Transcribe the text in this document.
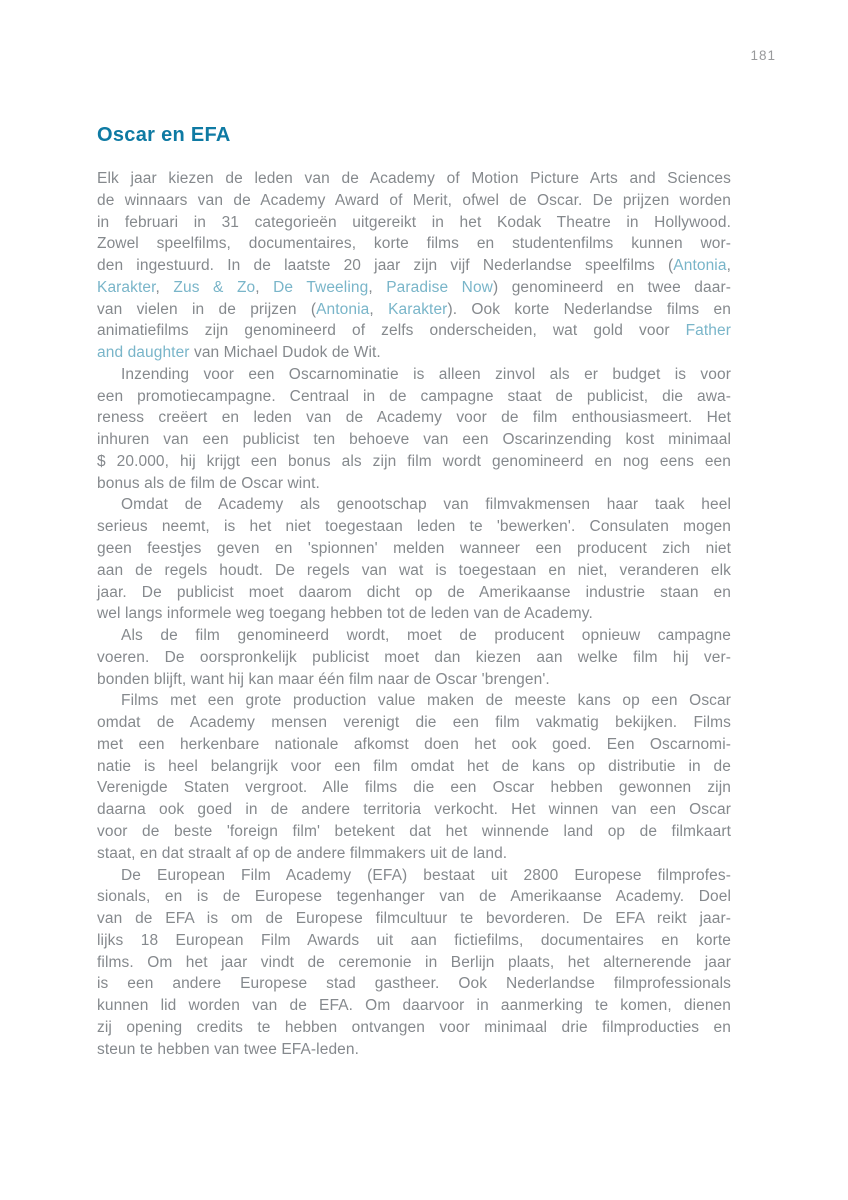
181
Oscar en EFA
Elk jaar kiezen de leden van de Academy of Motion Picture Arts and Sciences
de winnaars van de Academy Award of Merit, ofwel de Oscar. De prijzen worden
in februari in 31 categorieën uitgereikt in het Kodak Theatre in Hollywood.
Zowel speelfilms, documentaires, korte films en studentenfilms kunnen wor-
den ingestuurd. In de laatste 20 jaar zijn vijf Nederlandse speelfilms (Antonia,
Karakter, Zus & Zo, De Tweeling, Paradise Now) genomineerd en twee daar-
van vielen in de prijzen (Antonia, Karakter). Ook korte Nederlandse films en
animatiefilms zijn genomineerd of zelfs onderscheiden, wat gold voor Father
and daughter van Michael Dudok de Wit.
Inzending voor een Oscarnominatie is alleen zinvol als er budget is voor
een promotiecampagne. Centraal in de campagne staat de publicist, die awa-
reness creëert en leden van de Academy voor de film enthousiasmeert. Het
inhuren van een publicist ten behoeve van een Oscarinzending kost minimaal
$ 20.000, hij krijgt een bonus als zijn film wordt genomineerd en nog eens een
bonus als de film de Oscar wint.
Omdat de Academy als genootschap van filmvakmensen haar taak heel
serieus neemt, is het niet toegestaan leden te 'bewerken'. Consulaten mogen
geen feestjes geven en 'spionnen' melden wanneer een producent zich niet
aan de regels houdt. De regels van wat is toegestaan en niet, veranderen elk
jaar. De publicist moet daarom dicht op de Amerikaanse industrie staan en
wel langs informele weg toegang hebben tot de leden van de Academy.
Als de film genomineerd wordt, moet de producent opnieuw campagne
voeren. De oorspronkelijk publicist moet dan kiezen aan welke film hij ver-
bonden blijft, want hij kan maar één film naar de Oscar 'brengen'.
Films met een grote production value maken de meeste kans op een Oscar
omdat de Academy mensen verenigt die een film vakmatig bekijken. Films
met een herkenbare nationale afkomst doen het ook goed. Een Oscarnomi-
natie is heel belangrijk voor een film omdat het de kans op distributie in de
Verenigde Staten vergroot. Alle films die een Oscar hebben gewonnen zijn
daarna ook goed in de andere territoria verkocht. Het winnen van een Oscar
voor de beste 'foreign film' betekent dat het winnende land op de filmkaart
staat, en dat straalt af op de andere filmmakers uit de land.
De European Film Academy (EFA) bestaat uit 2800 Europese filmprofes-
sionals, en is de Europese tegenhanger van de Amerikaanse Academy. Doel
van de EFA is om de Europese filmcultuur te bevorderen. De EFA reikt jaar-
lijks 18 European Film Awards uit aan fictiefilms, documentaires en korte
films. Om het jaar vindt de ceremonie in Berlijn plaats, het alternerende jaar
is een andere Europese stad gastheer. Ook Nederlandse filmprofessionals
kunnen lid worden van de EFA. Om daarvoor in aanmerking te komen, dienen
zij opening credits te hebben ontvangen voor minimaal drie filmproducties en
steun te hebben van twee EFA-leden.
